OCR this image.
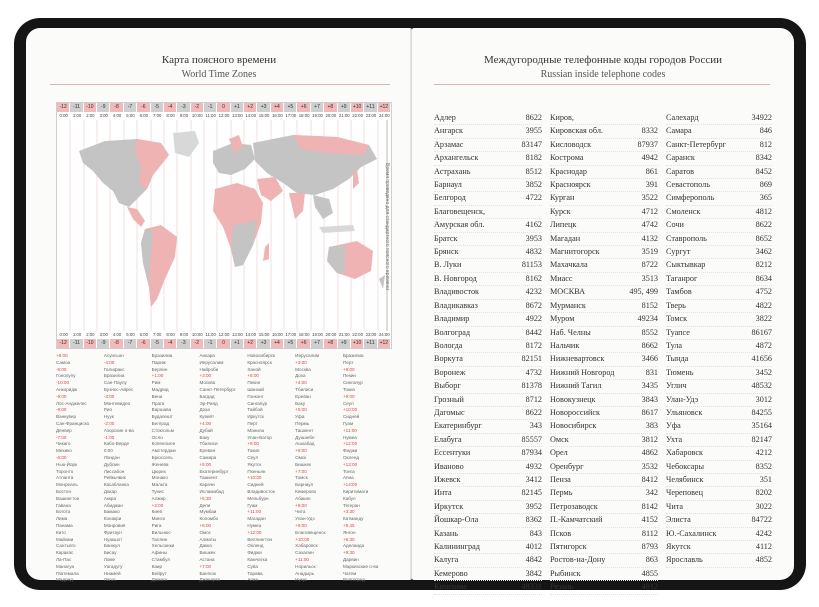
Карта поясного времени
World Time Zones
-12	-11	-10	-9	-8	-7	-6	-5	-4	-3	-2	-1	0	+1	+2	+3	+4	+5	+6	+7	+8	+9	+10	+11	+12
0:00	1:00	2:00	3:00	4:00	5:00	6:00	7:00	8:00	9:00 10:00 11:00 12:00 13:00 14:00 15:00 16:00 17:00 18:00 19:00 20:00 21:00 22:00 23:00 24:00
Время приведено для стандартного поясного времени
0:00	1:00	2:00	3:00	4:00	5:00	6:00	7:00	8:00	9:00 10:00 11:00 12:00 13:00 14:00 15:00 16:00 17:00 18:00 19:00 20:00 21:00 22:00 23:00 24:00
-12	-11	-10	-9	-8	-7	-6	-5	-4	-3	-2	-1	0	+1	+2	+3	+4	+5	+6	+7	+8	+9	+10	+11	+12
+8:00
Самоа
-5:00
Гонолулу
-10:00
Анкоридж
-9:00
Лос-Анджелес
-8:00
Ванкувер
Сан-Франциско
Денвер
-7:00
Чикаго
Мехико
-6:00
Нью-Йорк
Торонто
Атланта
Монреаль
Бостон
Вашингтон
Гавана
Богота
Лима
Панама
Кито
Майами
Сантьяго
Каракас
Ла-Пас
Манагуа
Гватемала
Мадрид
Асунсьон
-4:00
Галифакс
Бразилиа
Сан-Паулу
Буэнос-Айрес
-3:00
Монтевидео
Рио
Нуук
-2:00
Азорские о-ва
-1:00
Кабо-Верде
0:00
Лондон
Дублин
Лиссабон
Рейкьявик
Касабланка
Дакар
Аккра
Абиджан
Бамако
Конакри
Монровия
Фритаун
Нуакшот
Банжул
Бисау
Ломе
Уагадугу
Ниамей
Лагос
Бразилиа
Париж
Берлин
+1:00
Рим
Мадрид
Вена
Прага
Варшава
Будапешт
Белград
Стокгольм
Осло
Копенгаген
Амстердам
Брюссель
Женева
Цюрих
Монако
Мальта
Тунис
Алжир
+2:00
Киев
Минск
Рига
Вильнюс
Таллин
Хельсинки
Афины
Стамбул
Каир
Бейрут
Дамаск
Анкара
Иерусалим
Найроби
+3:00
Москва
Санкт-Петербург
Багдад
Эр-Рияд
Доха
Кувейт
+4:00
Дубай
Баку
Тбилиси
Ереван
Самара
+5:00
Екатеринбург
Ташкент
Карачи
Исламабад
+5:30
Дели
Мумбаи
Коломбо
+6:00
Омск
Алматы
Дакка
Бишкек
Астана
+7:00
Бангкок
Джакарта
Новосибирск
Красноярск
Ханой
+8:00
Пекин
Шанхай
Гонконг
Сингапур
Тайбэй
Иркутск
Перт
Манила
Улан-Батор
+9:00
Токио
Сеул
Якутск
Пхеньян
+10:00
Сидней
Владивосток
Мельбурн
Гуам
+11:00
Магадан
Нумеа
+12:00
Веллингтон
Окленд
Фиджи
Камчатка
Сува
Тарава
Апиа
Иерусалим
+3:00
Москва
Доха
+4:00
Тбилиси
Ереван
Баку
+5:00
Уфа
Пермь
Ташкент
Душанбе
Ашхабад
+6:00
Омск
Бишкек
+7:00
Томск
Барнаул
Кемерово
Абакан
+8:00
Чита
Улан-Удэ
+9:00
Благовещенск
+10:00
Хабаровск
Сахалин
+11:00
Норильск
Анадырь
Нукус
Бразилиа
Перт
+8:00
Пекин
Сингапур
Токио
+9:00
Сеул
+10:00
Сидней
Гуам
+11:00
Нумеа
+12:00
Фиджи
Окленд
+13:00
Тонга
Апиа
+14:00
Киритимати
Кабул
Тегеран
+3:30
Катманду
+5:45
Янгон
+6:30
Аделаида
+9:30
Дарвин
Маркизские о-ва
Чатем
Волгоград
Междугородные телефонные коды городов России
Russian inside telephone codes
Адлер	8622
Ангарск	3955
Арзамас	83147
Архангельск	8182
Астрахань	8512
Барнаул	3852
Белгород	4722
Благовещенск,
Амурская обл.	4162
Братск	3953
Брянск	4832
В. Луки	81153
В. Новгород	8162
Владивосток	4232
Владикавказ	8672
Владимир	4922
Волгоград	8442
Вологда	8172
Воркута	82151
Воронеж	4732
Выборг	81378
Грозный	8712
Дагомыс	8622
Екатеринбург	343
Елабуга	85557
Ессентуки	87934
Иваново	4932
Ижевск	3412
Инта	82145
Иркутск	3952
Йошкар-Ола	8362
Казань	843
Калининград	4012
Калуга	4842
Кемерово	3842
Кинешма	49331
Киров,
Кировская обл.	8332
Кисловодск	87937
Кострома	4942
Краснодар	861
Красноярск	391
Курган	3522
Курск	4712
Липецк	4742
Магадан	4132
Магнитогорск	3519
Махачкала	8722
Миасс	3513
МОСКВА	495, 499
Мурманск	8152
Муром	49234
Наб. Челны	8552
Нальчик	8662
Нижневартовск	3466
Нижний Новгород	831
Нижний Тагил	3435
Новокузнецк	3843
Новороссийск	8617
Новосибирск	383
Омск	3812
Орел	4862
Оренбург	3532
Пенза	8412
Пермь	342
Петрозаводск	8142
П.-Камчатский	4152
Псков	8112
Пятигорск	8793
Ростов-на-Дону	863
Рыбинск	4855
Рязань	4912
Салехард	34922
Самара	846
Санкт-Петербург	812
Саранск	8342
Саратов	8452
Севастополь	869
Симферополь	365
Смоленск	4812
Сочи	8622
Ставрополь	8652
Сургут	3462
Сыктывкар	8212
Таганрог	8634
Тамбов	4752
Тверь	4822
Томск	3822
Туапсе	86167
Тула	4872
Тында	41656
Тюмень	3452
Углич	48532
Улан-Удэ	3012
Ульяновск	84255
Уфа	35164
Ухта	82147
Хабаровск	4212
Чебоксары	8352
Челябинск	351
Череповец	8202
Чита	3022
Элиста	84722
Ю.-Сахалинск	4242
Якутск	4112
Ярославль	4852
